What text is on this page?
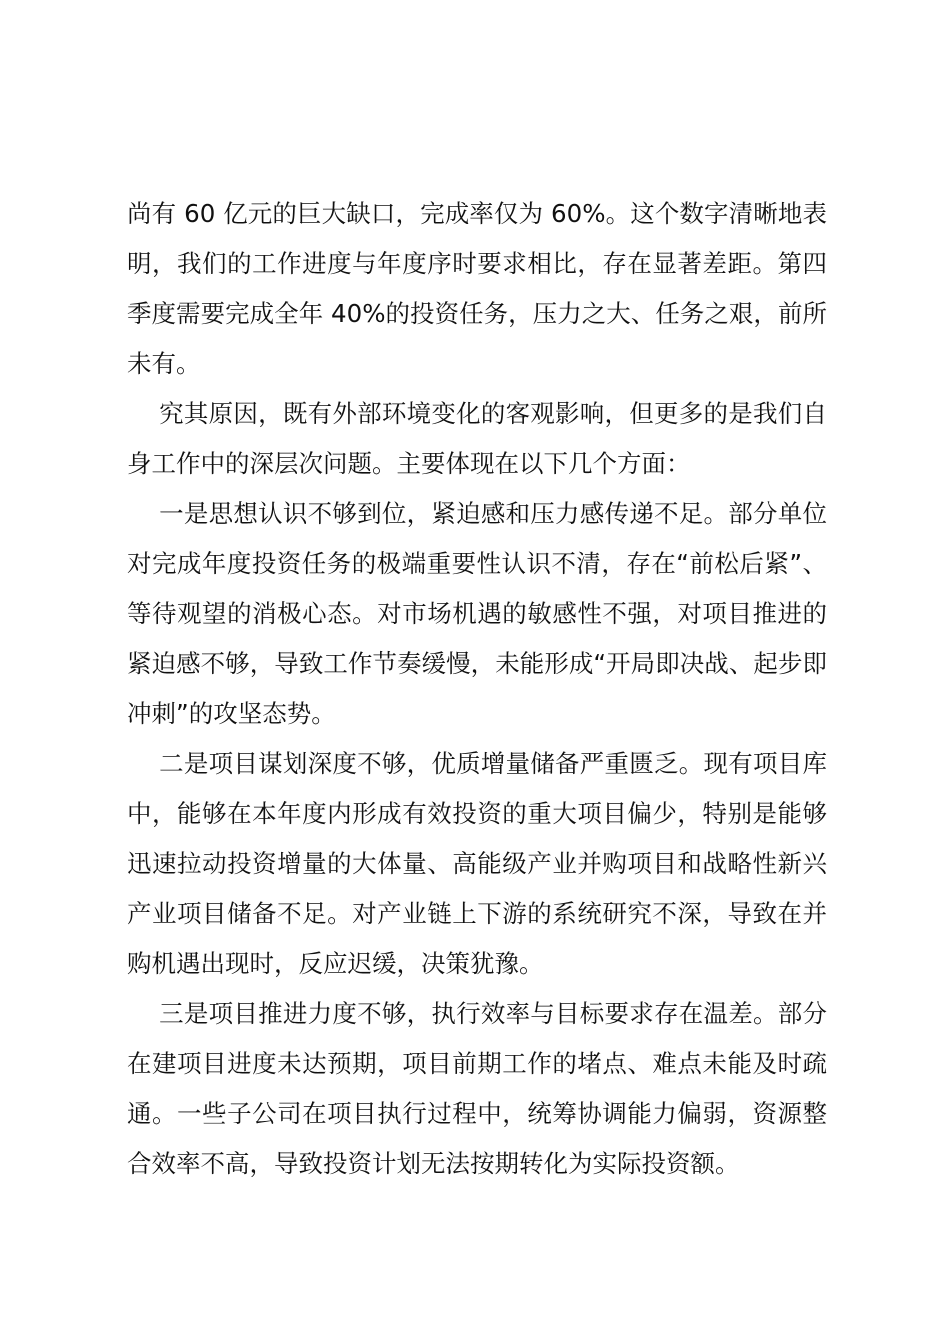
尚有 60 亿元的巨大缺口，完成率仅为 60%。这个数字清晰地表明，我们的工作进度与年度序时要求相比，存在显著差距。第四季度需要完成全年 40%的投资任务，压力之大、任务之艰，前所未有。

究其原因，既有外部环境变化的客观影响，但更多的是我们自身工作中的深层次问题。主要体现在以下几个方面：

一是思想认识不够到位，紧迫感和压力感传递不足。部分单位对完成年度投资任务的极端重要性认识不清，存在“前松后紧”、等待观望的消极心态。对市场机遇的敏感性不强，对项目推进的紧迫感不够，导致工作节奏缓慢，未能形成“开局即决战、起步即冲刺”的攻坚态势。

二是项目谋划深度不够，优质增量储备严重匮乏。现有项目库中，能够在本年度内形成有效投资的重大项目偏少，特别是能够迅速拉动投资增量的大体量、高能级产业并购项目和战略性新兴产业项目储备不足。对产业链上下游的系统研究不深，导致在并购机遇出现时，反应迟缓，决策犹豫。

三是项目推进力度不够，执行效率与目标要求存在温差。部分在建项目进度未达预期，项目前期工作的堵点、难点未能及时疏通。一些子公司在项目执行过程中，统筹协调能力偏弱，资源整合效率不高，导致投资计划无法按期转化为实际投资额。
